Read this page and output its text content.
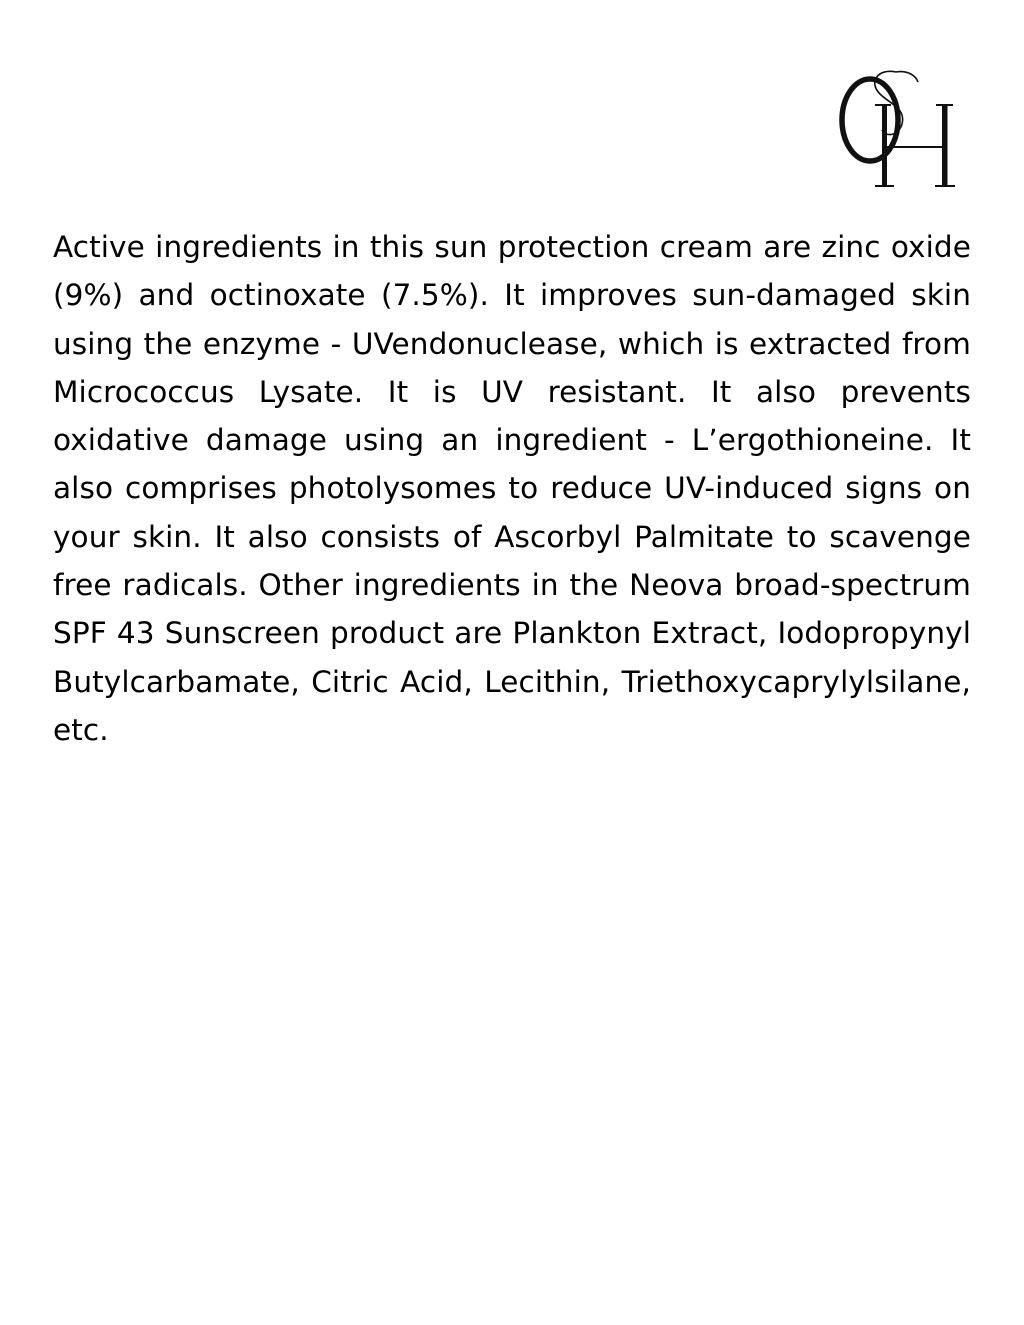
Active ingredients in this sun protection cream are zinc oxide (9%) and octinoxate (7.5%). It improves sun-damaged skin using the enzyme - UVendonuclease, which is extracted from Micrococcus Lysate. It is UV resistant. It also prevents oxidative damage using an ingredient - L’ergothioneine. It also comprises photolysomes to reduce UV-induced signs on your skin. It also consists of Ascorbyl Palmitate to scavenge free radicals. Other ingredients in the Neova broad-spectrum SPF 43 Sunscreen product are Plankton Extract, Iodopropynyl Butylcarbamate, Citric Acid, Lecithin, Triethoxycaprylylsilane, etc.
